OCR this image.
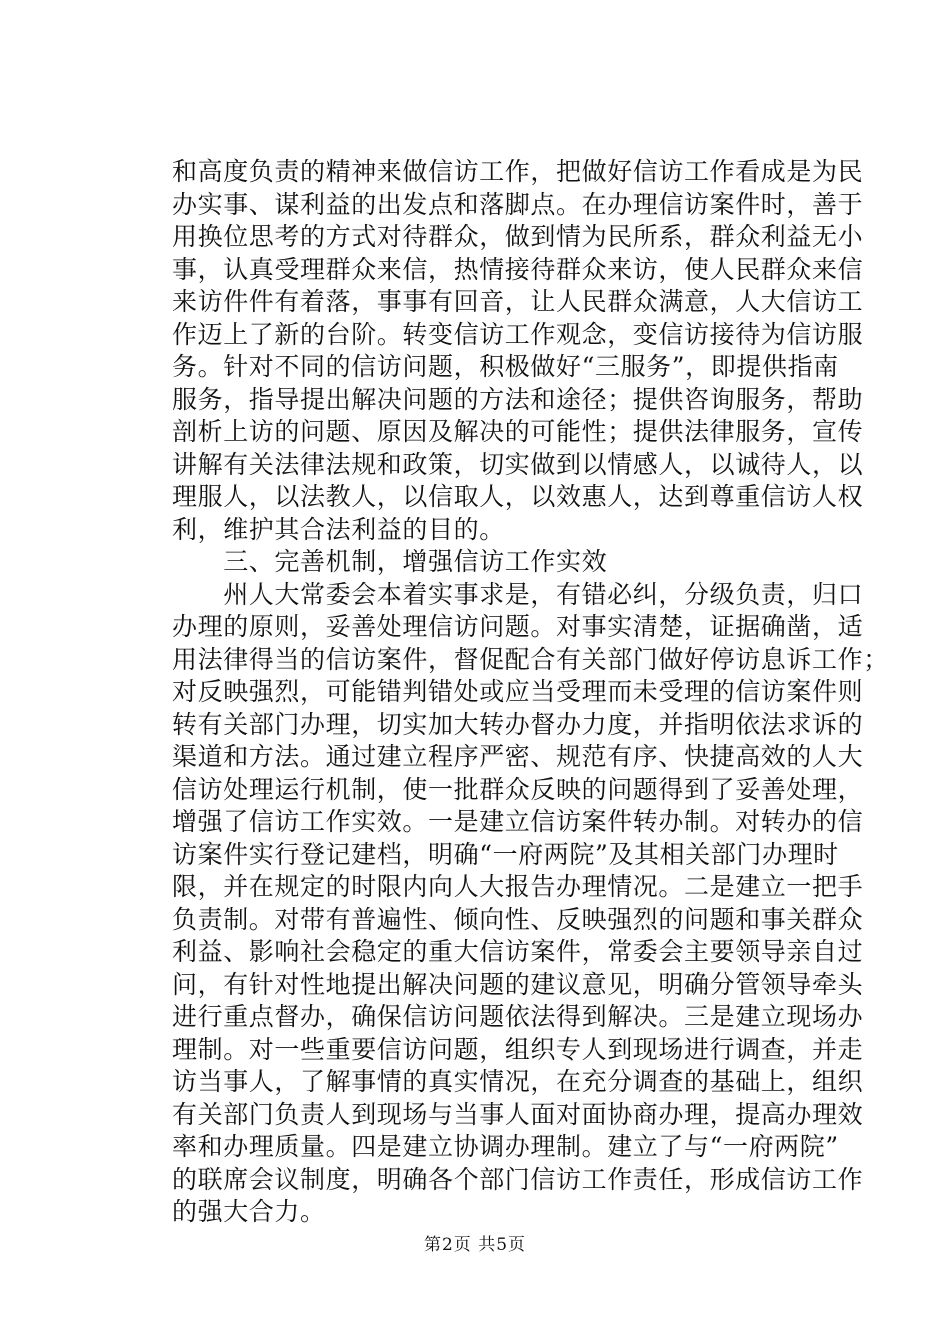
和高度负责的精神来做信访工作，把做好信访工作看成是为民
办实事、谋利益的出发点和落脚点。在办理信访案件时，善于
用换位思考的方式对待群众，做到情为民所系，群众利益无小
事，认真受理群众来信，热情接待群众来访，使人民群众来信
来访件件有着落，事事有回音，让人民群众满意，人大信访工
作迈上了新的台阶。转变信访工作观念，变信访接待为信访服
务。针对不同的信访问题，积极做好“三服务”，即提供指南
服务，指导提出解决问题的方法和途径；提供咨询服务，帮助
剖析上访的问题、原因及解决的可能性；提供法律服务，宣传
讲解有关法律法规和政策，切实做到以情感人，以诚待人，以
理服人，以法教人，以信取人，以效惠人，达到尊重信访人权
利，维护其合法利益的目的。
　　三、完善机制，增强信访工作实效
　　州人大常委会本着实事求是，有错必纠，分级负责，归口
办理的原则，妥善处理信访问题。对事实清楚，证据确凿，适
用法律得当的信访案件，督促配合有关部门做好停访息诉工作；
对反映强烈，可能错判错处或应当受理而未受理的信访案件则
转有关部门办理，切实加大转办督办力度，并指明依法求诉的
渠道和方法。通过建立程序严密、规范有序、快捷高效的人大
信访处理运行机制，使一批群众反映的问题得到了妥善处理，
增强了信访工作实效。一是建立信访案件转办制。对转办的信
访案件实行登记建档，明确“一府两院”及其相关部门办理时
限，并在规定的时限内向人大报告办理情况。二是建立一把手
负责制。对带有普遍性、倾向性、反映强烈的问题和事关群众
利益、影响社会稳定的重大信访案件，常委会主要领导亲自过
问，有针对性地提出解决问题的建议意见，明确分管领导牵头
进行重点督办，确保信访问题依法得到解决。三是建立现场办
理制。对一些重要信访问题，组织专人到现场进行调查，并走
访当事人，了解事情的真实情况，在充分调查的基础上，组织
有关部门负责人到现场与当事人面对面协商办理，提高办理效
率和办理质量。四是建立协调办理制。建立了与“一府两院”
的联席会议制度，明确各个部门信访工作责任，形成信访工作
的强大合力。
第2页 共5页
